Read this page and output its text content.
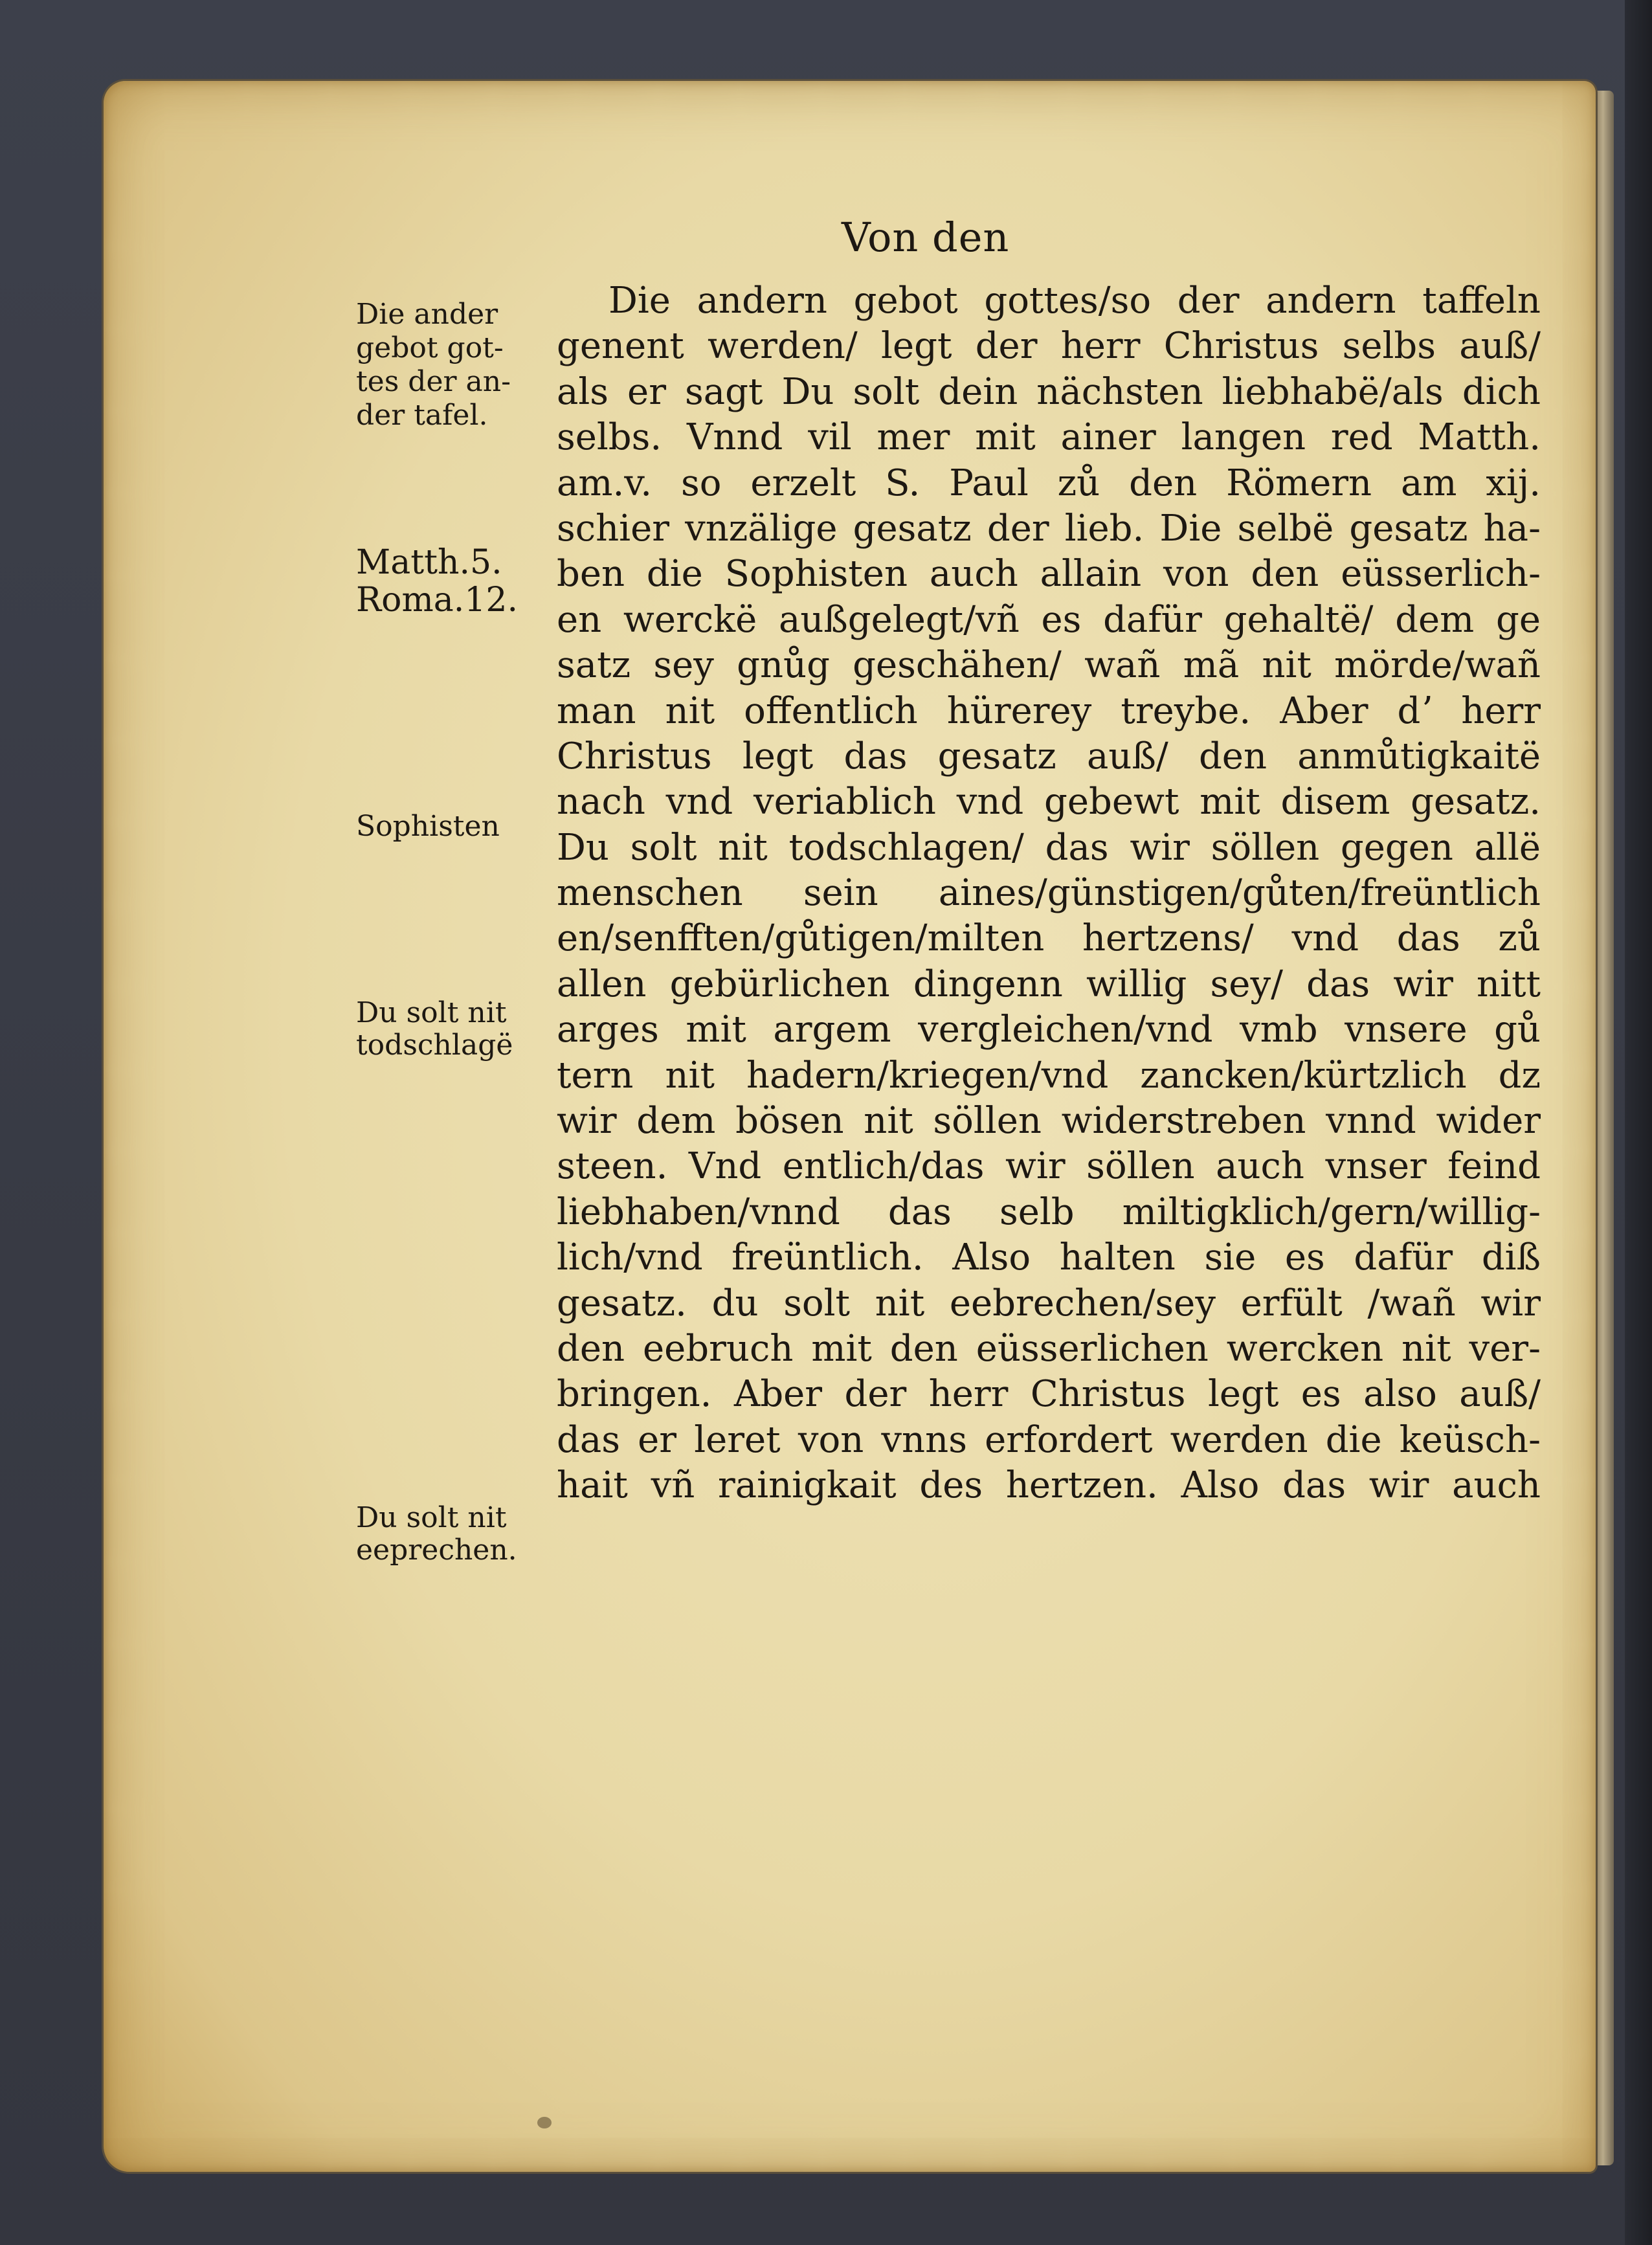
Von den
Die ander
gebot got-
tes der an-
der tafel.
Matth.5.
Roma.12.
Sophisten
Du solt nit
todschlagë
Du solt nit
eeprechen.
Die andern gebot gottes/so der andern taffeln
genent werden/ legt der herr Christus selbs auß/
als er sagt Du solt dein nächsten liebhabë/als dich
selbs. Vnnd vil mer mit ainer langen red Matth.
am.v. so erzelt S. Paul zů den Römern am xij.
schier vnzälige gesatz der lieb. Die selbë gesatz ha-
ben die Sophisten auch allain von den eüsserlich-
en werckë außgelegt/vñ es dafür gehaltë/ dem ge
satz sey gnůg geschähen/ wañ mã nit mörde/wañ
man nit offentlich hürerey treybe. Aber dʼ herr
Christus legt das gesatz auß/ den anmůtigkaitë
nach vnd veriablich vnd gebewt mit disem gesatz.
Du solt nit todschlagen/ das wir söllen gegen allë
menschen sein aines/günstigen/gůten/freüntlich
en/senfften/gůtigen/milten hertzens/ vnd das zů
allen gebürlichen dingenn willig sey/ das wir nitt
arges mit argem vergleichen/vnd vmb vnsere gů
tern nit hadern/kriegen/vnd zancken/kürtzlich dz
wir dem bösen nit söllen widerstreben vnnd wider
steen. Vnd entlich/das wir söllen auch vnser feind
liebhaben/vnnd das selb miltigklich/gern/willig-
lich/vnd freüntlich. Also halten sie es dafür diß
gesatz. du solt nit eebrechen/sey erfült /wañ wir
den eebruch mit den eüsserlichen wercken nit ver-
bringen. Aber der herr Christus legt es also auß/
das er leret von vnns erfordert werden die keüsch-
hait vñ rainigkait des hertzen. Also das wir auch
